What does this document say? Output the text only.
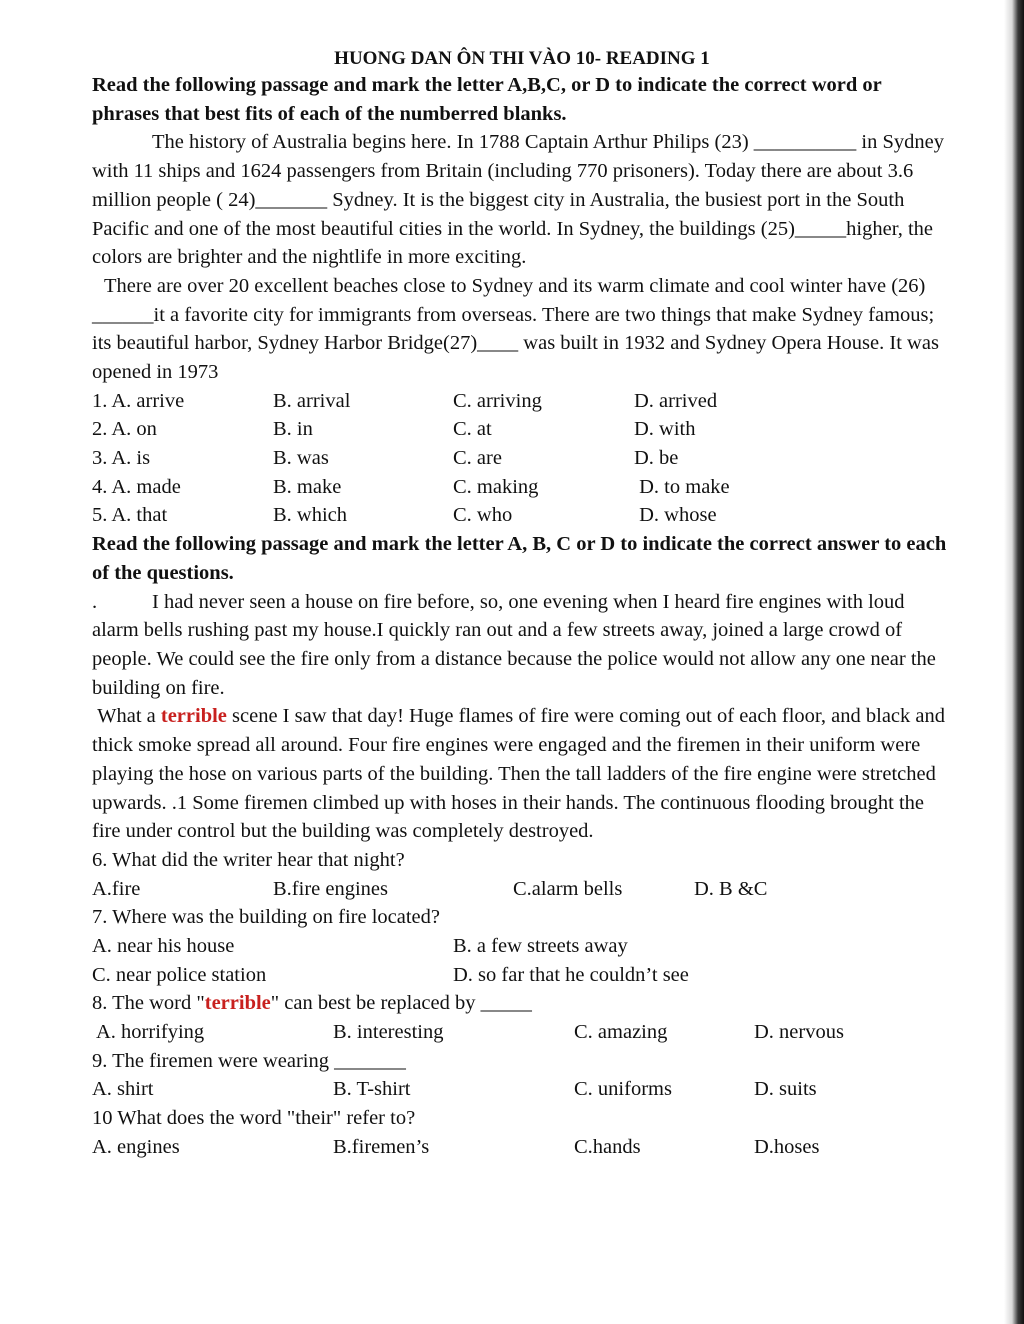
HUONG DAN ÔN THI VÀO 10- READING 1

Read the following passage and mark the letter A,B,C, or D to indicate the correct word or phrases that best fits of each of the numberred blanks.

The history of Australia begins here. In 1788 Captain Arthur Philips (23) __________ in Sydney with 11 ships and 1624 passengers from Britain (including 770 prisoners). Today there are about 3.6 million people ( 24)_______ Sydney. It is the biggest city in Australia, the busiest port in the South Pacific and one of the most beautiful cities in the world. In Sydney, the buildings (25)_____higher, the colors are brighter and the nightlife in more exciting.

There are over 20 excellent beaches close to Sydney and its warm climate and cool winter have (26) ______it a favorite city for immigrants from overseas. There are two things that make Sydney famous; its beautiful harbor, Sydney Harbor Bridge(27)____ was built in 1932 and Sydney Opera House. It was opened in 1973

1. A. arrive	B. arrival	C. arriving	D. arrived
2. A. on	B. in	C. at	D. with
3. A. is	B. was	C. are	D. be
4. A. made	B. make	C. making	D. to make
5. A. that	B. which	C. who	D. whose

Read the following passage and mark the letter A, B, C or D to indicate the correct answer to each of the questions.

.	I had never seen a house on fire before, so, one evening when I heard fire engines with loud alarm bells rushing past my house.I quickly ran out and a few streets away, joined a large crowd of people. We could see the fire only from a distance because the police would not allow any one near the building on fire.

What a terrible scene I saw that day! Huge flames of fire were coming out of each floor, and black and thick smoke spread all around. Four fire engines were engaged and the firemen in their uniform were playing the hose on various parts of the building. Then the tall ladders of the fire engine were stretched upwards. .1 Some firemen climbed up with hoses in their hands. The continuous flooding brought the fire under control but the building was completely destroyed.

6. What did the writer hear that night?

A.fire	B.fire engines	C.alarm bells	D. B &C

7. Where was the building on fire located?

A. near his house	B. a few streets away
C. near police station	D. so far that he couldn’t see

8. The word "terrible" can best be replaced by _____

A. horrifying	B. interesting	C. amazing	D. nervous

9. The firemen were wearing _______

A. shirt	B. T-shirt	C. uniforms	D. suits

10 What does the word "their" refer to?

A. engines	B.firemen’s	C.hands	D.hoses
